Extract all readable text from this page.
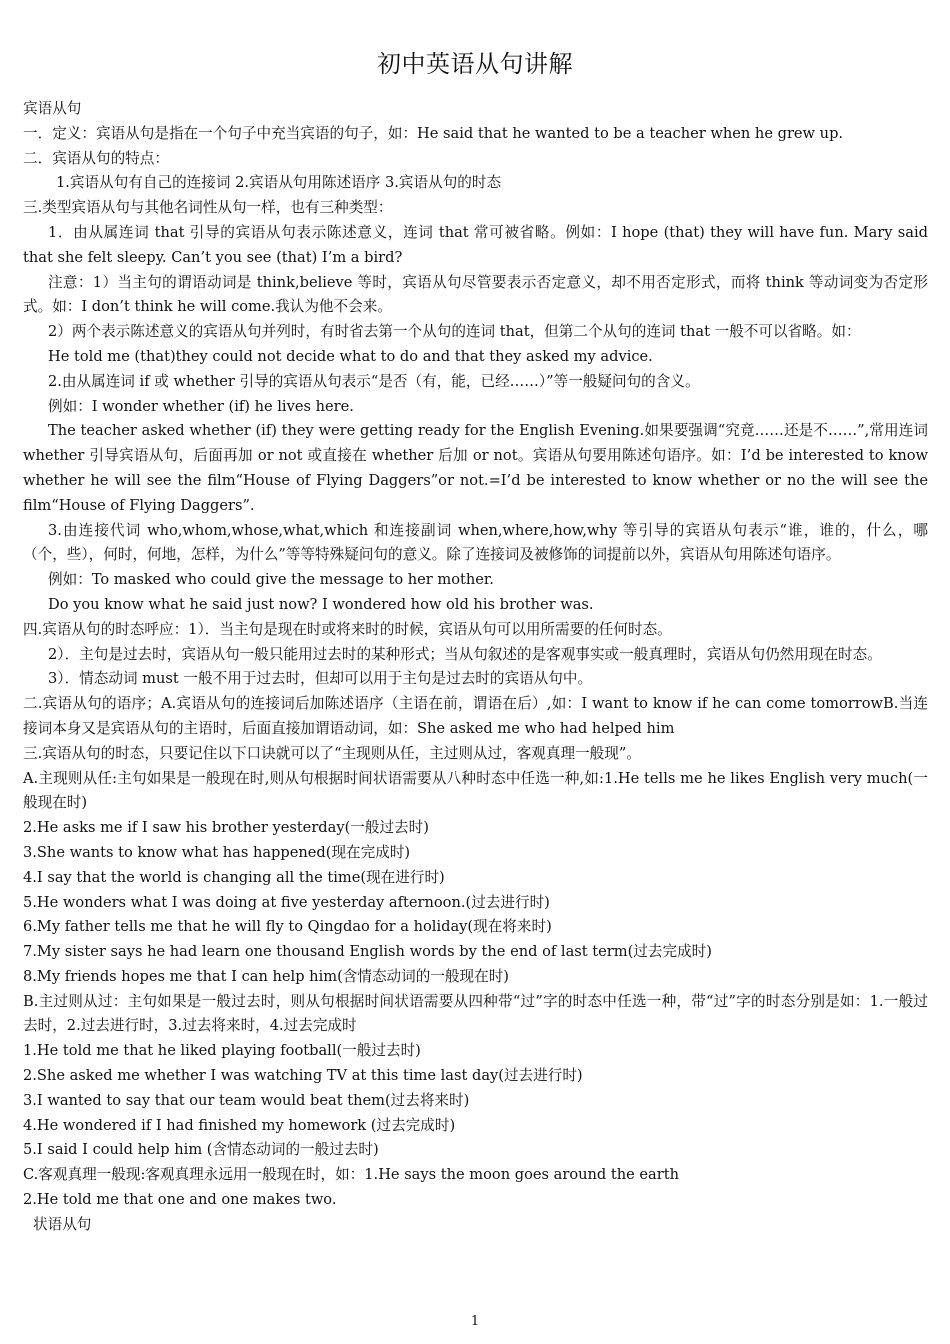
初中英语从句讲解

宾语从句

一．定义：宾语从句是指在一个句子中充当宾语的句子，如：He said that he wanted to be a teacher when he grew up.

二．宾语从句的特点：

1.宾语从句有自己的连接词 2.宾语从句用陈述语序 3.宾语从句的时态

三.类型宾语从句与其他名词性从句一样，也有三种类型：

1．由从属连词 that 引导的宾语从句表示陈述意义，连词 that 常可被省略。例如：I hope (that) they will have fun. Mary said that she felt sleepy. Can’t you see (that) I’m a bird?

注意：1）当主句的谓语动词是 think,believe 等时，宾语从句尽管要表示否定意义，却不用否定形式，而将 think 等动词变为否定形式。如：I don’t think he will come.我认为他不会来。

2）两个表示陈述意义的宾语从句并列时，有时省去第一个从句的连词 that，但第二个从句的连词 that 一般不可以省略。如：

He told me (that)they could not decide what to do and that they asked my advice.

2.由从属连词 if 或 whether 引导的宾语从句表示“是否（有，能，已经……）”等一般疑问句的含义。

例如：I wonder whether (if) he lives here.

The teacher asked whether (if) they were getting ready for the English Evening.如果要强调“究竟……还是不……”,常用连词 whether 引导宾语从句，后面再加 or not 或直接在 whether 后加 or not。宾语从句要用陈述句语序。如：I’d be interested to know whether he will see the film“House of Flying Daggers”or not.=I’d be interested to know whether or no the will see the film“House of Flying Daggers”.

3.由连接代词 who,whom,whose,what,which 和连接副词 when,where,how,why 等引导的宾语从句表示“谁，谁的，什么，哪（个，些），何时，何地，怎样，为什么”等等特殊疑问句的意义。除了连接词及被修饰的词提前以外，宾语从句用陈述句语序。

例如：To masked who could give the message to her mother.

Do you know what he said just now? I wondered how old his brother was.

四.宾语从句的时态呼应：1）．当主句是现在时或将来时的时候，宾语从句可以用所需要的任何时态。

2）．主句是过去时，宾语从句一般只能用过去时的某种形式；当从句叙述的是客观事实或一般真理时，宾语从句仍然用现在时态。

3）．情态动词 must 一般不用于过去时，但却可以用于主句是过去时的宾语从句中。

二.宾语从句的语序；A.宾语从句的连接词后加陈述语序（主语在前，谓语在后）,如：I want to know if he can come tomorrowB.当连接词本身又是宾语从句的主语时，后面直接加谓语动词，如：She asked me who had helped him

三.宾语从句的时态，只要记住以下口诀就可以了“主现则从任，主过则从过，客观真理一般现”。

A.主现则从任:主句如果是一般现在时,则从句根据时间状语需要从八种时态中任选一种,如:1.He tells me he likes English very much(一般现在时)

2.He asks me if I saw his brother yesterday(一般过去时)

3.She wants to know what has happened(现在完成时)

4.I say that the world is changing all the time(现在进行时)

5.He wonders what I was doing at five yesterday afternoon.(过去进行时)

6.My father tells me that he will fly to Qingdao for a holiday(现在将来时)

7.My sister says he had learn one thousand English words by the end of last term(过去完成时)

8.My friends hopes me that I can help him(含情态动词的一般现在时)

B.主过则从过：主句如果是一般过去时，则从句根据时间状语需要从四种带“过”字的时态中任选一种，带“过”字的时态分别是如：1.一般过去时，2.过去进行时，3.过去将来时，4.过去完成时

1.He told me that he liked playing football(一般过去时)

2.She asked me whether I was watching TV at this time last day(过去进行时)

3.I wanted to say that our team would beat them(过去将来时)

4.He wondered if I had finished my homework (过去完成时)

5.I said I could help him (含情态动词的一般过去时)

C.客观真理一般现:客观真理永远用一般现在时，如：1.He says the moon goes around the earth

2.He told me that one and one makes two.

状语从句

1
